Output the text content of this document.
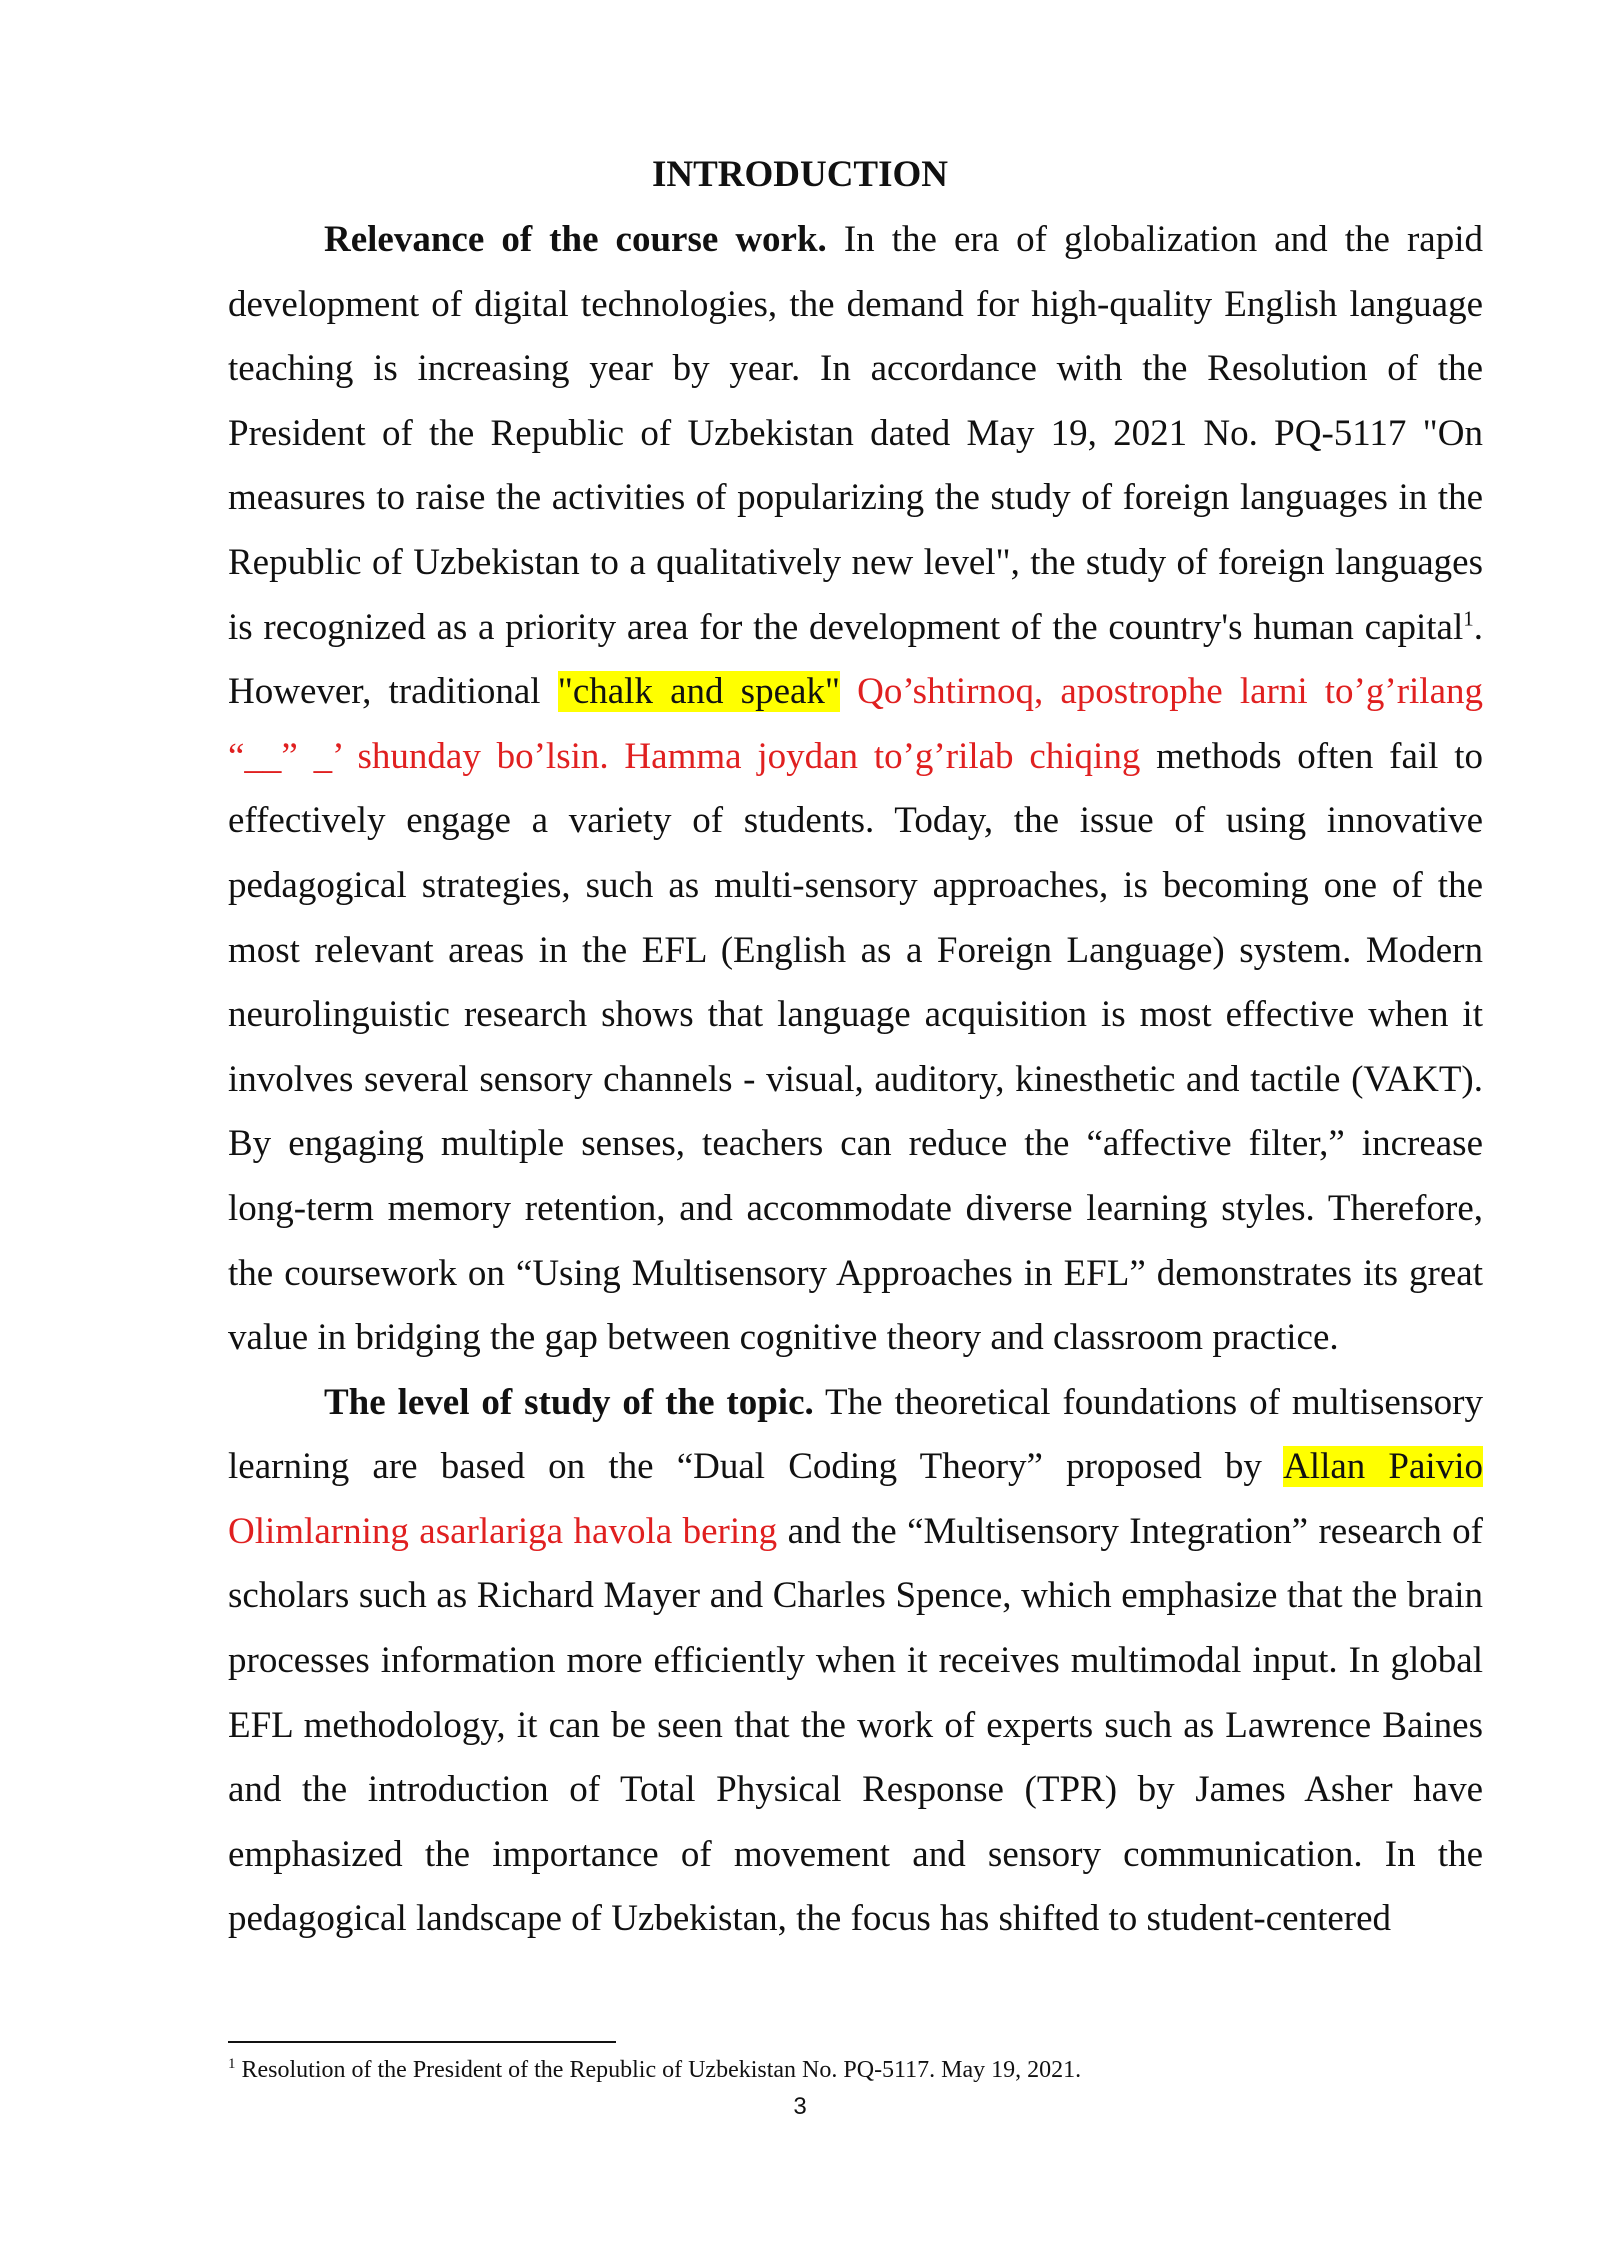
INTRODUCTION

Relevance of the course work. In the era of globalization and the rapid development of digital technologies, the demand for high-quality English language teaching is increasing year by year. In accordance with the Resolution of the President of the Republic of Uzbekistan dated May 19, 2021 No. PQ-5117 "On measures to raise the activities of popularizing the study of foreign languages in the Republic of Uzbekistan to a qualitatively new level", the study of foreign languages is recognized as a priority area for the development of the country's human capital$^1$. However, traditional "chalk and speak" Qo’shtirnoq, apostrophe larni to’g’rilang “__” _’ shunday bo’lsin. Hamma joydan to’g’rilab chiqing methods often fail to effectively engage a variety of students. Today, the issue of using innovative pedagogical strategies, such as multi-sensory approaches, is becoming one of the most relevant areas in the EFL (English as a Foreign Language) system. Modern neurolinguistic research shows that language acquisition is most effective when it involves several sensory channels - visual, auditory, kinesthetic and tactile (VAKT). By engaging multiple senses, teachers can reduce the “affective filter,” increase long-term memory retention, and accommodate diverse learning styles. Therefore, the coursework on “Using Multisensory Approaches in EFL” demonstrates its great value in bridging the gap between cognitive theory and classroom practice.

The level of study of the topic. The theoretical foundations of multisensory learning are based on the “Dual Coding Theory” proposed by Allan Paivio Olimlarning asarlariga havola bering and the “Multisensory Integration” research of scholars such as Richard Mayer and Charles Spence, which emphasize that the brain processes information more efficiently when it receives multimodal input. In global EFL methodology, it can be seen that the work of experts such as Lawrence Baines and the introduction of Total Physical Response (TPR) by James Asher have emphasized the importance of movement and sensory communication. In the pedagogical landscape of Uzbekistan, the focus has shifted to student-centered

$^1$ Resolution of the President of the Republic of Uzbekistan No. PQ-5117. May 19, 2021.

3
